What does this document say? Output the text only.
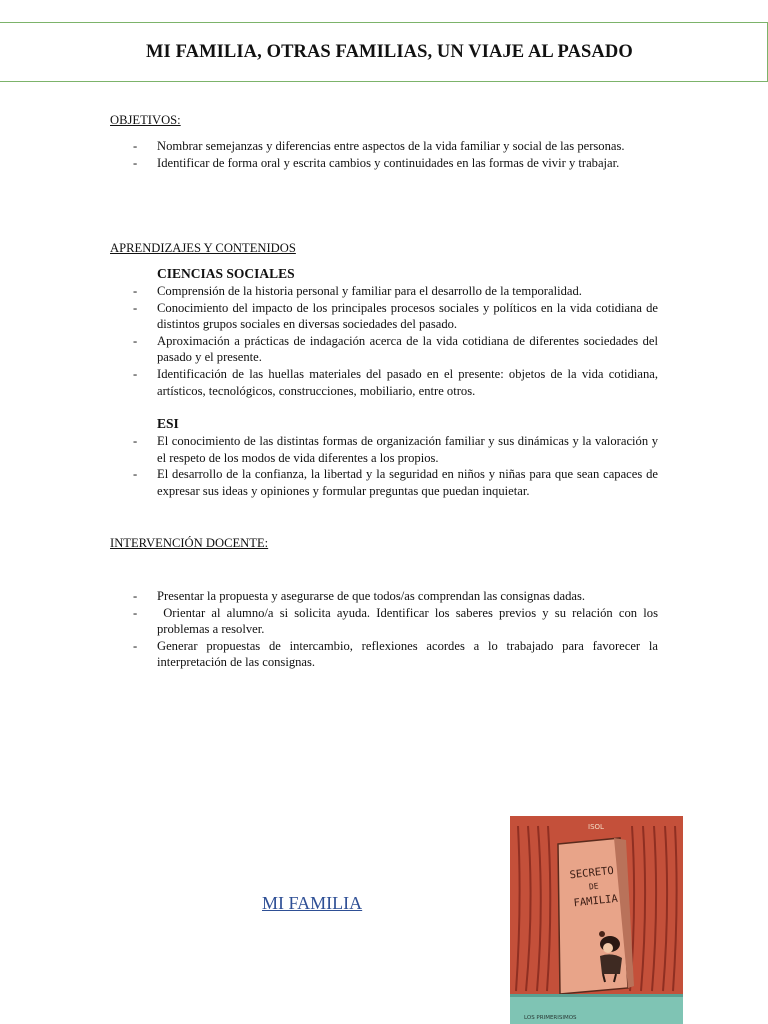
MI FAMILIA, OTRAS FAMILIAS, UN VIAJE AL PASADO
OBJETIVOS:
- Nombrar semejanzas y diferencias entre aspectos de la vida familiar y social de las personas.
- Identificar de forma oral y escrita cambios y continuidades en las formas de vivir y trabajar.
APRENDIZAJES Y CONTENIDOS
CIENCIAS SOCIALES
- Comprensión de la historia personal y familiar para el desarrollo de la temporalidad.
- Conocimiento del impacto de los principales procesos sociales y políticos en la vida cotidiana de distintos grupos sociales en diversas sociedades del pasado.
- Aproximación a prácticas de indagación acerca de la vida cotidiana de diferentes sociedades del pasado y el presente.
- Identificación de las huellas materiales del pasado en el presente: objetos de la vida cotidiana, artísticos, tecnológicos, construcciones, mobiliario, entre otros.
ESI
- El conocimiento de las distintas formas de organización familiar y sus dinámicas y la valoración y el respeto de los modos de vida diferentes a los propios.
- El desarrollo de la confianza, la libertad y la seguridad en niños y niñas para que sean capaces de expresar sus ideas y opiniones y formular preguntas que puedan inquietar.
INTERVENCIÓN DOCENTE:
- Presentar la propuesta y asegurarse de que todos/as comprendan las consignas dadas.
- Orientar al alumno/a si solicita ayuda. Identificar los saberes previos y su relación con los problemas a resolver.
- Generar propuestas de intercambio, reflexiones acordes a lo trabajado para favorecer la interpretación de las consignas.
MI FAMILIA
ISOL
SECRETO
DE
FAMILIA
LOS PRIMERISIMOS
